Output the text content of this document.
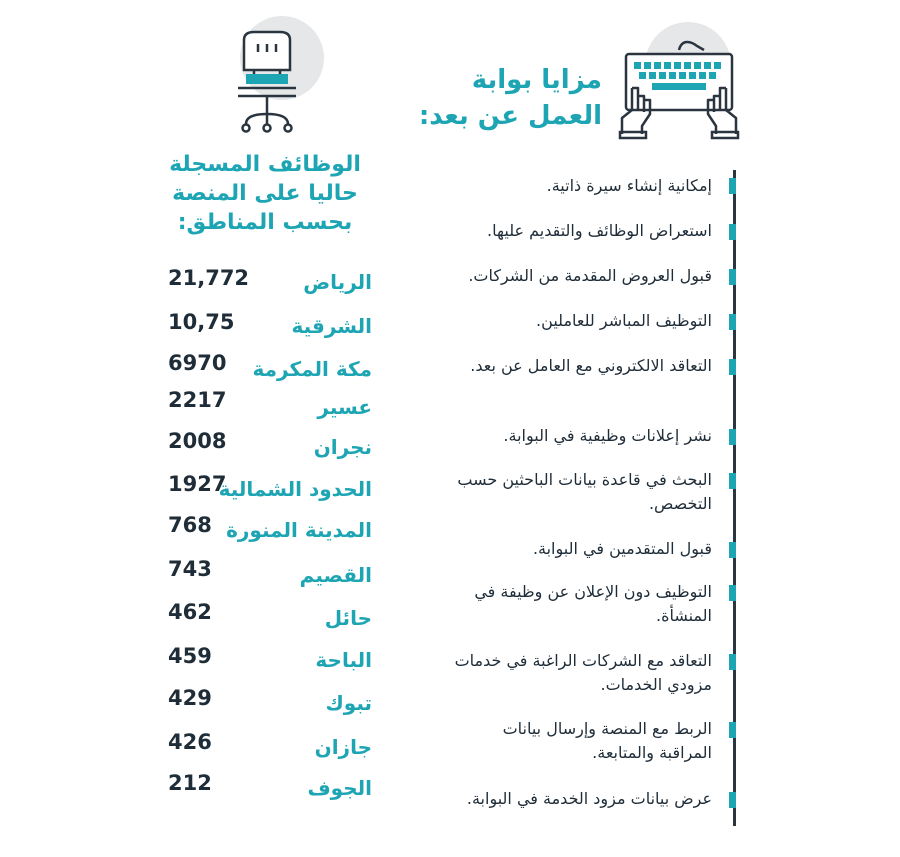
مزايا بوابة العمل عن بعد:
الوظائف المسجلة حاليا على المنصة بحسب المناطق:
إمكانية إنشاء سيرة ذاتية.
استعراض الوظائف والتقديم عليها.
قبول العروض المقدمة من الشركات.
التوظيف المباشر للعاملين.
التعاقد الالكتروني مع العامل عن بعد.
نشر إعلانات وظيفية في البوابة.
البحث في قاعدة بيانات الباحثين حسب التخصص.
قبول المتقدمين في البوابة.
التوظيف دون الإعلان عن وظيفة في المنشأة.
التعاقد مع الشركات الراغبة في خدمات مزودي الخدمات.
الربط مع المنصة وإرسال بيانات المراقبة والمتابعة.
عرض بيانات مزود الخدمة في البوابة.
الرياض
21,772
الشرقية
10,75
مكة المكرمة
6970
عسير
2217
نجران
2008
الحدود الشمالية
1927
المدينة المنورة
768
القصيم
743
حائل
462
الباحة
459
تبوك
429
جازان
426
الجوف
212
